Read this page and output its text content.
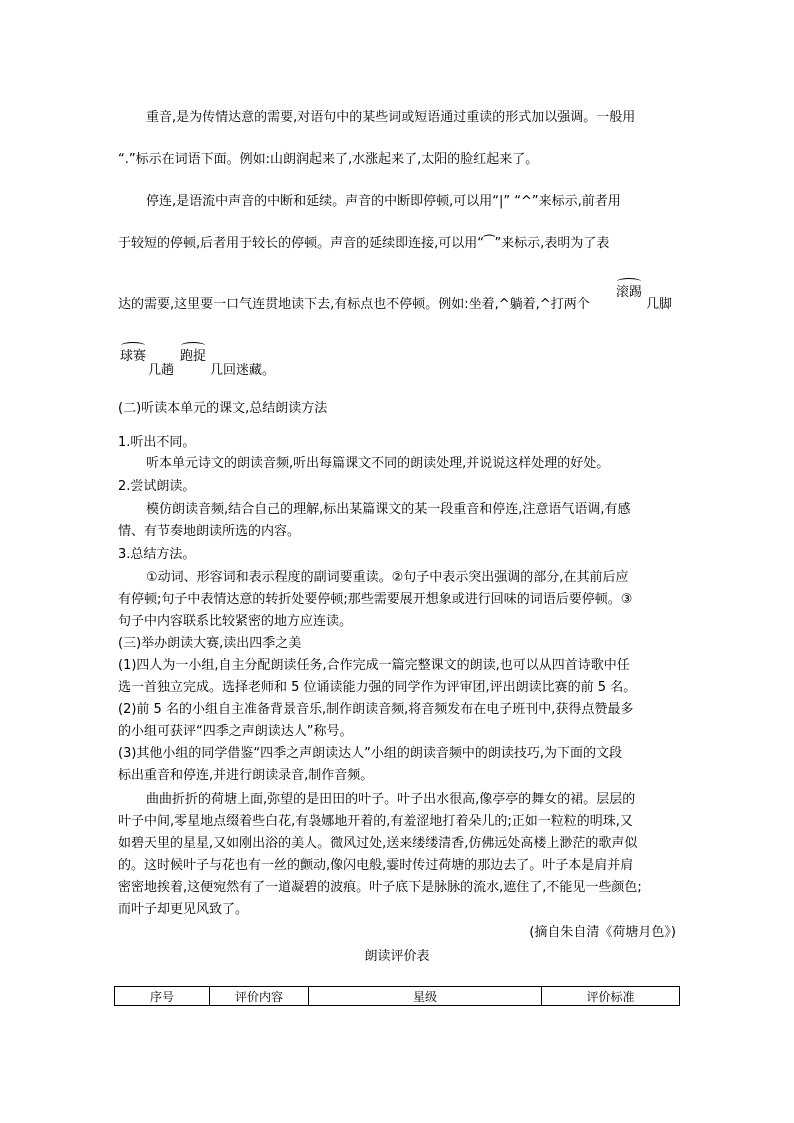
重音,是为传情达意的需要,对语句中的某些词或短语通过重读的形式加以强调。一般用
“.”标示在词语下面。例如:山朗润起来了,水涨起来了,太阳的脸红起来了。
停连,是语流中声音的中断和延续。声音的中断即停顿,可以用“|” “^”来标示,前者用
于较短的停顿,后者用于较长的停顿。声音的延续即连接,可以用“⁀”来标示,表明为了表
达的需要,这里要一口气连贯地读下去,有标点也不停顿。例如:坐着,^躺着,^打两个
滚踢
几脚
球赛
几趟
跑捉
几回迷藏。
(二)听读本单元的课文,总结朗读方法
1.听出不同。
听本单元诗文的朗读音频,听出每篇课文不同的朗读处理,并说说这样处理的好处。
2.尝试朗读。
模仿朗读音频,结合自己的理解,标出某篇课文的某一段重音和停连,注意语气语调,有感
情、有节奏地朗读所选的内容。
3.总结方法。
①动词、形容词和表示程度的副词要重读。②句子中表示突出强调的部分,在其前后应
有停顿;句子中表情达意的转折处要停顿;那些需要展开想象或进行回味的词语后要停顿。③
句子中内容联系比较紧密的地方应连读。
(三)举办朗读大赛,读出四季之美
(1)四人为一小组,自主分配朗读任务,合作完成一篇完整课文的朗读,也可以从四首诗歌中任
选一首独立完成。选择老师和 5 位诵读能力强的同学作为评审团,评出朗读比赛的前 5 名。
(2)前 5 名的小组自主准备背景音乐,制作朗读音频,将音频发布在电子班刊中,获得点赞最多
的小组可获评“四季之声朗读达人”称号。
(3)其他小组的同学借鉴“四季之声朗读达人”小组的朗读音频中的朗读技巧,为下面的文段
标出重音和停连,并进行朗读录音,制作音频。
曲曲折折的荷塘上面,弥望的是田田的叶子。叶子出水很高,像亭亭的舞女的裙。层层的
叶子中间,零星地点缀着些白花,有袅娜地开着的,有羞涩地打着朵儿的;正如一粒粒的明珠,又
如碧天里的星星,又如刚出浴的美人。微风过处,送来缕缕清香,仿佛远处高楼上渺茫的歌声似
的。这时候叶子与花也有一丝的颤动,像闪电般,霎时传过荷塘的那边去了。叶子本是肩并肩
密密地挨着,这便宛然有了一道凝碧的波痕。叶子底下是脉脉的流水,遮住了,不能见一些颜色;
而叶子却更见风致了。
(摘自朱自清《荷塘月色》)
朗读评价表
序号	评价内容	星级	评价标准
